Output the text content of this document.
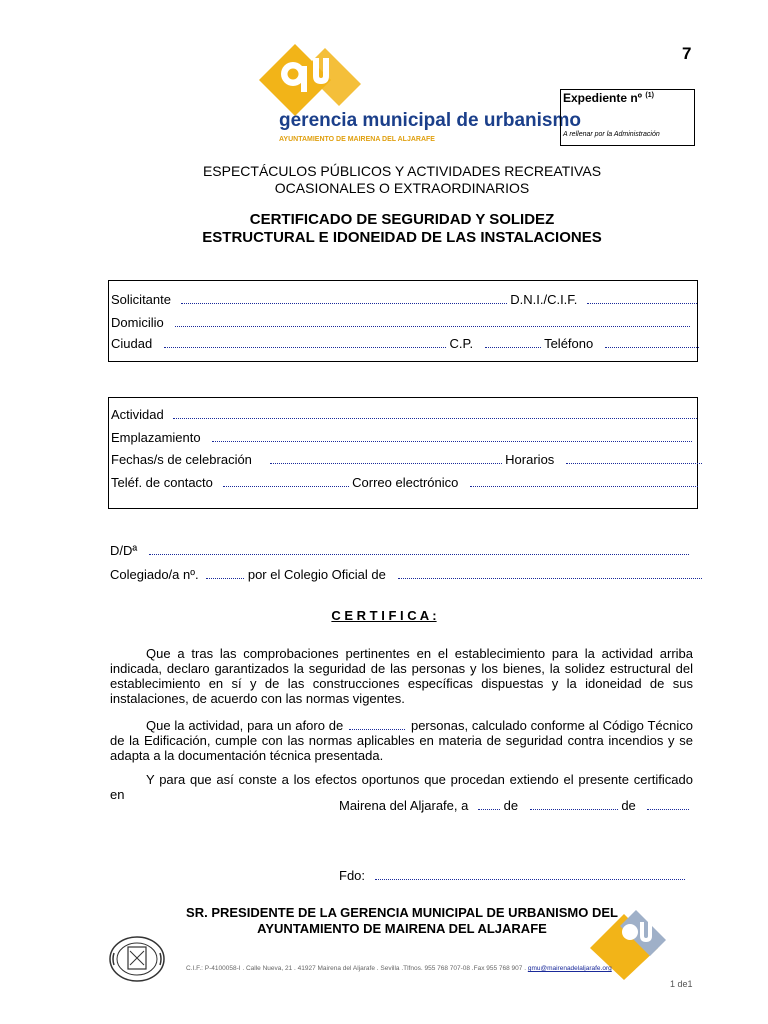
7
gerencia municipal de urbanismo
AYUNTAMIENTO DE MAIRENA DEL ALJARAFE
Expediente nº $^{(1)}$
A rellenar por la Administración
ESPECTÁCULOS PÚBLICOS Y ACTIVIDADES RECREATIVAS
OCASIONALES O EXTRAORDINARIOS
CERTIFICADO DE SEGURIDAD Y SOLIDEZ
ESTRUCTURAL E IDONEIDAD DE LAS INSTALACIONES
Solicitante	D.N.I./C.I.F.
Domicilio
Ciudad	C.P.	Teléfono
Actividad
Emplazamiento
Fechas/s de celebración	Horarios
Teléf. de contacto	Correo electrónico
D/Dª
Colegiado/a nº.	por el Colegio Oficial de
C E R T I F I C A :
Que a tras las comprobaciones pertinentes en el establecimiento para la actividad arriba indicada, declaro garantizados la seguridad de las personas y los bienes, la solidez estructural del establecimiento en sí y de las construcciones específicas dispuestas y la idoneidad de sus instalaciones, de acuerdo con las normas vigentes.
Que la actividad, para un aforo de	personas, calculado conforme al Código Técnico de la Edificación, cumple con las normas aplicables en materia de seguridad contra incendios y se adapta a la documentación técnica presentada.
Y para que así conste a los efectos oportunos que procedan extiendo el presente certificado en
Mairena del Aljarafe, a	de	de
Fdo:
SR. PRESIDENTE DE LA GERENCIA MUNICIPAL DE URBANISMO DEL
AYUNTAMIENTO DE MAIRENA DEL ALJARAFE
C.I.F.: P-4100058-I . Calle Nueva, 21 . 41927 Mairena del Aljarafe . Sevilla .Tlfnos. 955 768 707-08 .Fax 955 768 907 . gmu@mairenadelaljarafe.org
1 de1
